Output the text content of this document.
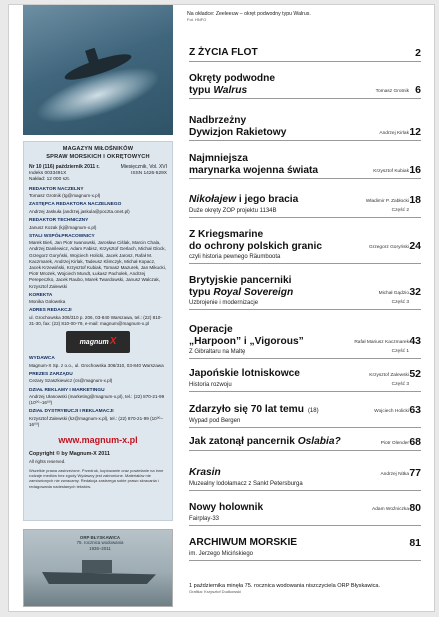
MAGAZYN MIŁOŚNIKÓW
SPRAW MORSKICH I OKRĘTOWYCH
Nr 10 (116) październik 2011 r.	Miesięcznik, Vol. XVI
Indeks 0033491X	ISSN 1426-529X
Nakład: 12 000 szt.
REDAKTOR NACZELNY

Tomasz Grotnik (tg@magnum-x.pl)

ZASTĘPCA REDAKTORA NACZELNEGO

Andrzej Jaskuła (andrzej.jaskula@poczta.onet.pl)

REDAKTOR TECHNICZNY

Janusz Kozak (kj@magnum-x.pl)

STALI WSPÓŁPRACOWNICY

Marek Bieś, Jan Piotr Iwanowski, Jarosław Ciślak, Marcin Chala, Andrzej Danilewicz, Adam Fabisz, Krzysztof Gerlach, Michał Glock, Grzegorz Goryński, Wojciech Holicki, Jacek Jarosz, Rafał M. Kaczmarek, Andrzej Kirlak, Tadeusz Klimczyk, Michał Kopacz, Jacek Krzewiński, Krzysztof Kubiak, Tomasz Mazurek, Jan Mikucki, Piotr Mrozek, Wojciech Mundt, Łukasz Pachołek, Andrzej Perepeczko, Jacek Raubo, Marek Twardowski, Janusz Walczak, Krzysztof Zalewski

KOREKTA

Monika Gołowska

ADRES REDAKCJI

ul. Grochowska 306/310 p. 206, 03-840 Warszawa, tel.: (22) 810-31-30, fax: (22) 810-00-79, e-mail: magnum@magnum-x.pl

magnum X
WYDAWCA

Magnum-X Sp. z o.o., ul. Grochowska 306/310, 03-840 Warszawa

PREZES ZARZĄDU

Cezary Szaszkiewicz (cs@magnum-x.pl)

DZIAŁ REKLAMY I MARKETINGU

Andrzej Ułanowski (marketing@magnum-x.pl), tel.: (22) 870-21-99 (10⁰⁰–16⁰⁰)

DZIAŁ DYSTRYBUCJI I REKLAMACJI

Krzysztof Zalewski (kz@magnum-x.pl), tel.: (22) 870-21-99 (10⁰⁰–16⁰⁰)

www.magnum-x.pl
Copyright © by Magnum-X 2011
All rights reserved.
Wszelkie prawa zastrzeżone. Przedruk, kopiowanie oraz powielanie na inne rodzaje mediów bez zgody Wydawcy jest zabronione. Materiałów nie zamówionych nie zwracamy. Redakcja zastrzega sobie prawo skracania i redagowania nadesłanych tekstów.
ORP BŁYSKAWICA
75. rocznica wodowania
1936–2011
Na okładce: Zeeleeuw – okręt podwodny typu Walrus.
Fot. HNFO
Z ŻYCIA FLOT	2
Okręty podwodne
typu Walrus	6
Tomasz Grotnik
Nadbrzeżny
Dywizjon Rakietowy	12
Andrzej Kirlak
Najmniejsza
marynarka wojenna świata	16
Krzysztof Kubiak
Nikołajew i jego bracia	18
Władimir P. Zabłocki
Duże okręty ZOP projektu 1134B	Część 2
Z Kriegsmarine
do ochrony polskich granic	24
Grzegorz Goryński
czyli historia pewnego Räumboota
Brytyjskie pancerniki
typu Royal Sovereign	32
Michał Gądzio
Uzbrojenie i modernizacje	Część 3
Operacje
„Harpoon” i „Vigorous”	43
Rafał Mariusz Kaczmarek
Z Gibraltaru na Maltę	Część 1
Japońskie lotniskowce	52
Krzysztof Zalewski
Historia rozwoju	Część 3
Zdarzyło się 70 lat temu (18)	63
Wojciech Holicki
Wypad pod Bergen
Jak zatonął pancernik Oslabia?	68
Piotr Olender
Krasin	77
Andrzej Nitka
Muzealny lodołamacz z Sankt Petersburga
Nowy holownik	80
Adam Woźniczka
Fairplay-33
ARCHIWUM MORSKIE	81
im. Jerzego Micińskiego
1 października minęła 75. rocznica wodowania niszczyciela ORP Błyskawica.
Grafika: Krzysztof Dudkowski
